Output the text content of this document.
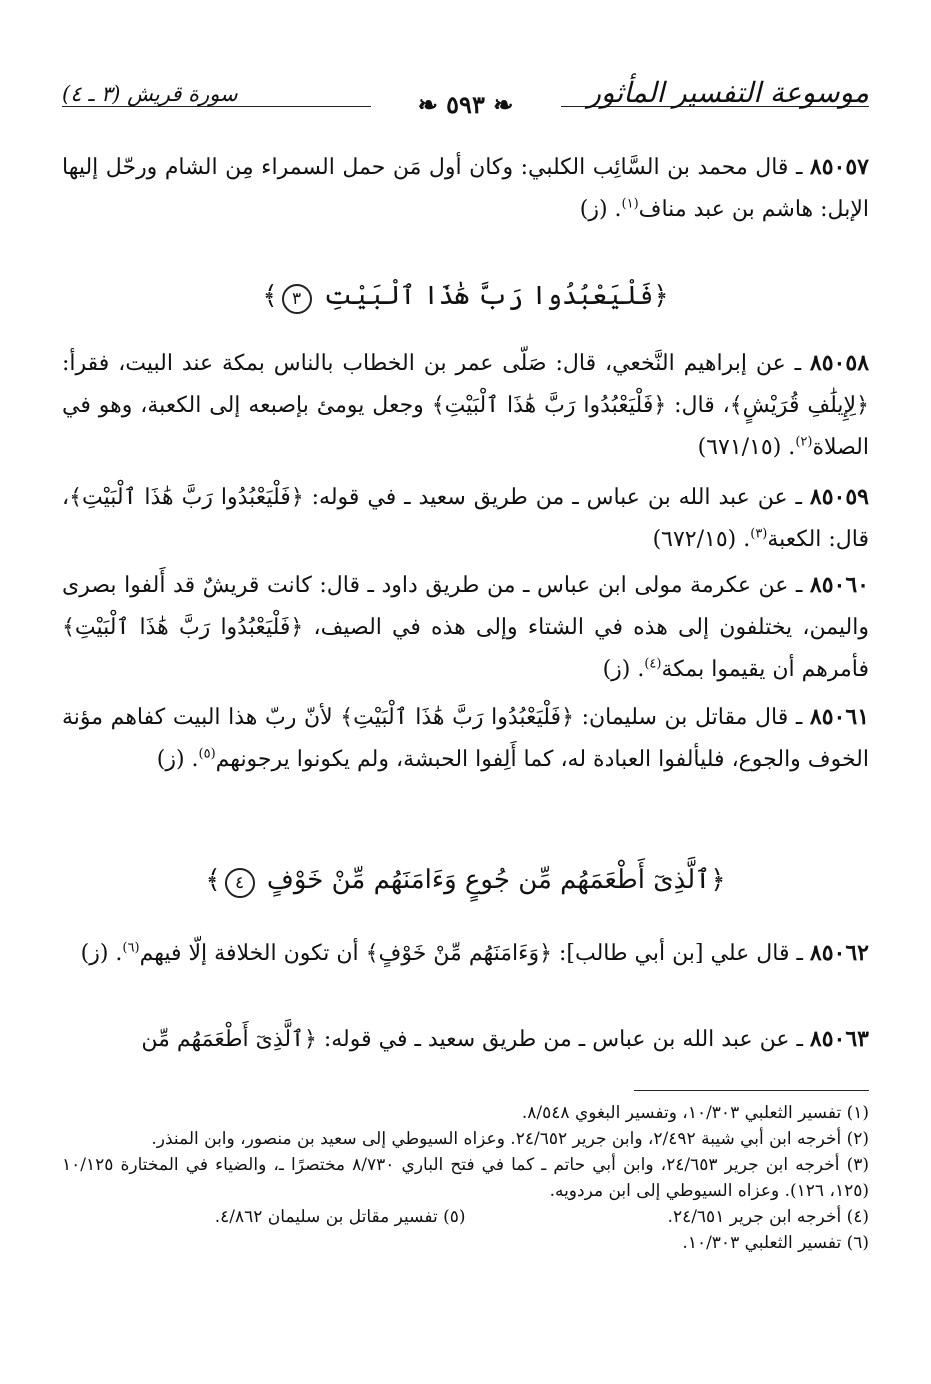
موسوعة التفسير المأثور
❧ ٥٩٣ ❧
سورة قريش (٣ ـ ٤)
٨٥٠٥٧ ـ قال محمد بن السَّائِب الكلبي: وكان أول مَن حمل السمراء مِن الشام ورحّل إليها الإبل: هاشم بن عبد مناف$^{(١)}$. (ز)
﴿فَلْيَعْبُدُوا رَبَّ هَٰذَا ٱلْبَيْتِ ٣﴾
٨٥٠٥٨ ـ عن إبراهيم النَّخعي، قال: صَلّى عمر بن الخطاب بالناس بمكة عند البيت، فقرأ: ﴿لِإِيلَٰفِ قُرَيْشٍ﴾، قال: ﴿فَلْيَعْبُدُوا رَبَّ هَٰذَا ٱلْبَيْتِ﴾ وجعل يومئ بإصبعه إلى الكعبة، وهو في الصلاة$^{(٢)}$. (٦٧١/١٥)
٨٥٠٥٩ ـ عن عبد الله بن عباس ـ من طريق سعيد ـ في قوله: ﴿فَلْيَعْبُدُوا رَبَّ هَٰذَا ٱلْبَيْتِ﴾، قال: الكعبة$^{(٣)}$. (٦٧٢/١٥)
٨٥٠٦٠ ـ عن عكرمة مولى ابن عباس ـ من طريق داود ـ قال: كانت قريشٌ قد أَلفوا بصرى واليمن، يختلفون إلى هذه في الشتاء وإلى هذه في الصيف، ﴿فَلْيَعْبُدُوا رَبَّ هَٰذَا ٱلْبَيْتِ﴾ فأمرهم أن يقيموا بمكة$^{(٤)}$. (ز)
٨٥٠٦١ ـ قال مقاتل بن سليمان: ﴿فَلْيَعْبُدُوا رَبَّ هَٰذَا ٱلْبَيْتِ﴾ لأنّ ربّ هذا البيت كفاهم مؤنة الخوف والجوع، فليألفوا العبادة له، كما أَلِفوا الحبشة، ولم يكونوا يرجونهم$^{(٥)}$. (ز)
﴿ٱلَّذِىٓ أَطْعَمَهُم مِّن جُوعٍ وَءَامَنَهُم مِّنْ خَوْفٍ ٤﴾
٨٥٠٦٢ ـ قال علي [بن أبي طالب]: ﴿وَءَامَنَهُم مِّنْ خَوْفٍ﴾ أن تكون الخلافة إلّا فيهم$^{(٦)}$. (ز)
٨٥٠٦٣ ـ عن عبد الله بن عباس ـ من طريق سعيد ـ في قوله: ﴿ٱلَّذِىٓ أَطْعَمَهُم مِّن
(١) تفسير الثعلبي ١٠/٣٠٣، وتفسير البغوي ٨/٥٤٨.
(٢) أخرجه ابن أبي شيبة ٢/٤٩٢، وابن جرير ٢٤/٦٥٢. وعزاه السيوطي إلى سعيد بن منصور، وابن المنذر.
(٣) أخرجه ابن جرير ٢٤/٦٥٣، وابن أبي حاتم ـ كما في فتح الباري ٨/٧٣٠ مختصرًا ـ، والضياء في المختارة ١٠/١٢٥ (١٢٥، ١٢٦). وعزاه السيوطي إلى ابن مردويه.
(٤) أخرجه ابن جرير ٢٤/٦٥١.
(٥) تفسير مقاتل بن سليمان ٤/٨٦٢.
(٦) تفسير الثعلبي ١٠/٣٠٣.
